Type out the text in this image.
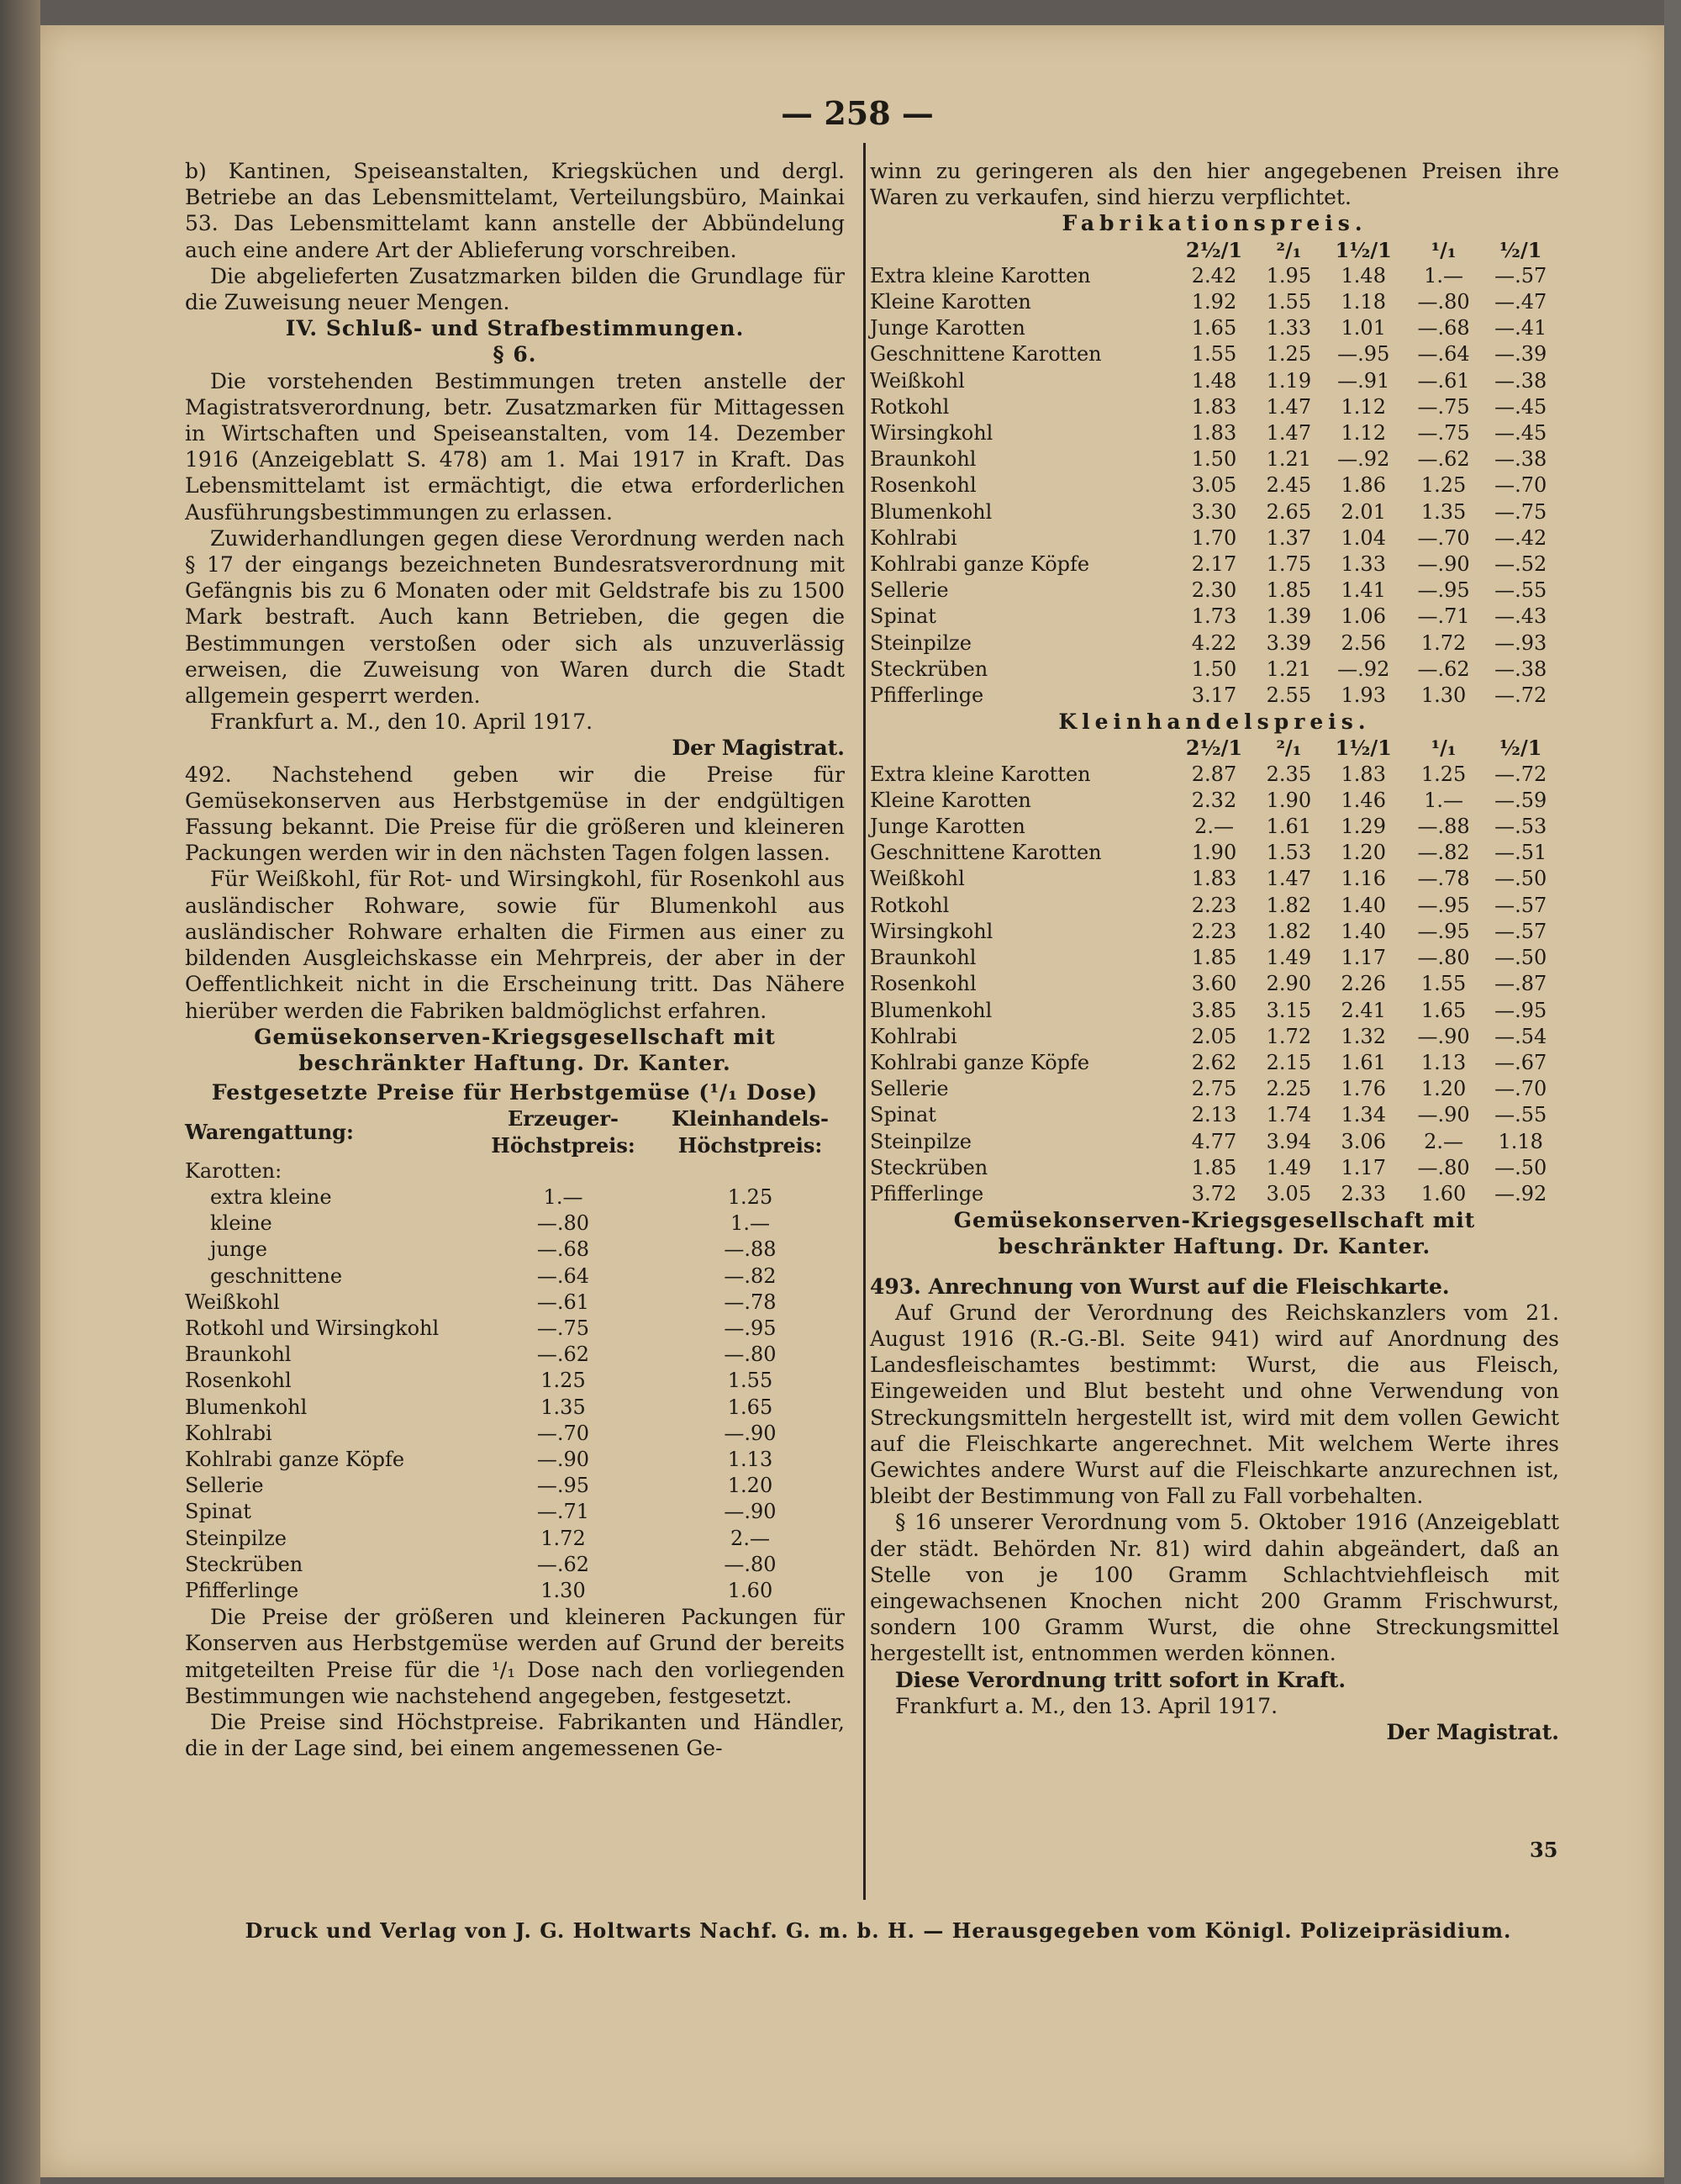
— 258 —

b) Kantinen, Speiseanstalten, Kriegsküchen und dergl. Betriebe an das Lebensmittelamt, Verteilungsbüro, Mainkai 53. Das Lebensmittelamt kann anstelle der Abbündelung auch eine andere Art der Ablieferung vorschreiben.

Die abgelieferten Zusatzmarken bilden die Grundlage für die Zuweisung neuer Mengen.

IV. Schluß- und Strafbestimmungen.

§ 6.

Die vorstehenden Bestimmungen treten anstelle der Magistratsverordnung, betr. Zusatzmarken für Mittagessen in Wirtschaften und Speiseanstalten, vom 14. Dezember 1916 (Anzeigeblatt S. 478) am 1. Mai 1917 in Kraft. Das Lebensmittelamt ist ermächtigt, die etwa erforderlichen Ausführungsbestimmungen zu erlassen.

Zuwiderhandlungen gegen diese Verordnung werden nach § 17 der eingangs bezeichneten Bundesratsverordnung mit Gefängnis bis zu 6 Monaten oder mit Geldstrafe bis zu 1500 Mark bestraft. Auch kann Betrieben, die gegen die Bestimmungen verstoßen oder sich als unzuverlässig erweisen, die Zuweisung von Waren durch die Stadt allgemein gesperrt werden.

Frankfurt a. M., den 10. April 1917.

Der Magistrat.

492. Nachstehend geben wir die Preise für Gemüsekonserven aus Herbstgemüse in der endgültigen Fassung bekannt. Die Preise für die größeren und kleineren Packungen werden wir in den nächsten Tagen folgen lassen.

Für Weißkohl, für Rot- und Wirsingkohl, für Rosenkohl aus ausländischer Rohware, sowie für Blumenkohl aus ausländischer Rohware erhalten die Firmen aus einer zu bildenden Ausgleichskasse ein Mehrpreis, der aber in der Oeffentlichkeit nicht in die Erscheinung tritt. Das Nähere hierüber werden die Fabriken baldmöglichst erfahren.

Gemüsekonserven-Kriegsgesellschaft mit beschränkter Haftung. Dr. Kanter.

Festgesetzte Preise für Herbstgemüse (¹/₁ Dose)

Warengattung:	Erzeuger-Höchstpreis:	Kleinhandels-Höchstpreis:
Karotten:		
extra kleine	1.—	1.25
kleine	—.80	1.—
junge	—.68	—.88
geschnittene	—.64	—.82
Weißkohl	—.61	—.78
Rotkohl und Wirsingkohl	—.75	—.95
Braunkohl	—.62	—.80
Rosenkohl	1.25	1.55
Blumenkohl	1.35	1.65
Kohlrabi	—.70	—.90
Kohlrabi ganze Köpfe	—.90	1.13
Sellerie	—.95	1.20
Spinat	—.71	—.90
Steinpilze	1.72	2.—
Steckrüben	—.62	—.80
Pfifferlinge	1.30	1.60

Die Preise der größeren und kleineren Packungen für Konserven aus Herbstgemüse werden auf Grund der bereits mitgeteilten Preise für die ¹/₁ Dose nach den vorliegenden Bestimmungen wie nachstehend angegeben, festgesetzt.

Die Preise sind Höchstpreise. Fabrikanten und Händler, die in der Lage sind, bei einem angemessenen Ge-

winn zu geringeren als den hier angegebenen Preisen ihre Waren zu verkaufen, sind hierzu verpflichtet.

Fabrikationspreis.

	2½/1	²/₁	1½/1	¹/₁	½/1
Extra kleine Karotten	2.42	1.95	1.48	1.—	—.57
Kleine Karotten	1.92	1.55	1.18	—.80	—.47
Junge Karotten	1.65	1.33	1.01	—.68	—.41
Geschnittene Karotten	1.55	1.25	—.95	—.64	—.39
Weißkohl	1.48	1.19	—.91	—.61	—.38
Rotkohl	1.83	1.47	1.12	—.75	—.45
Wirsingkohl	1.83	1.47	1.12	—.75	—.45
Braunkohl	1.50	1.21	—.92	—.62	—.38
Rosenkohl	3.05	2.45	1.86	1.25	—.70
Blumenkohl	3.30	2.65	2.01	1.35	—.75
Kohlrabi	1.70	1.37	1.04	—.70	—.42
Kohlrabi ganze Köpfe	2.17	1.75	1.33	—.90	—.52
Sellerie	2.30	1.85	1.41	—.95	—.55
Spinat	1.73	1.39	1.06	—.71	—.43
Steinpilze	4.22	3.39	2.56	1.72	—.93
Steckrüben	1.50	1.21	—.92	—.62	—.38
Pfifferlinge	3.17	2.55	1.93	1.30	—.72

Kleinhandelspreis.

	2½/1	²/₁	1½/1	¹/₁	½/1
Extra kleine Karotten	2.87	2.35	1.83	1.25	—.72
Kleine Karotten	2.32	1.90	1.46	1.—	—.59
Junge Karotten	2.—	1.61	1.29	—.88	—.53
Geschnittene Karotten	1.90	1.53	1.20	—.82	—.51
Weißkohl	1.83	1.47	1.16	—.78	—.50
Rotkohl	2.23	1.82	1.40	—.95	—.57
Wirsingkohl	2.23	1.82	1.40	—.95	—.57
Braunkohl	1.85	1.49	1.17	—.80	—.50
Rosenkohl	3.60	2.90	2.26	1.55	—.87
Blumenkohl	3.85	3.15	2.41	1.65	—.95
Kohlrabi	2.05	1.72	1.32	—.90	—.54
Kohlrabi ganze Köpfe	2.62	2.15	1.61	1.13	—.67
Sellerie	2.75	2.25	1.76	1.20	—.70
Spinat	2.13	1.74	1.34	—.90	—.55
Steinpilze	4.77	3.94	3.06	2.—	1.18
Steckrüben	1.85	1.49	1.17	—.80	—.50
Pfifferlinge	3.72	3.05	2.33	1.60	—.92

Gemüsekonserven-Kriegsgesellschaft mit beschränkter Haftung. Dr. Kanter.

493. Anrechnung von Wurst auf die Fleischkarte.

Auf Grund der Verordnung des Reichskanzlers vom 21. August 1916 (R.-G.-Bl. Seite 941) wird auf Anordnung des Landesfleischamtes bestimmt: Wurst, die aus Fleisch, Eingeweiden und Blut besteht und ohne Verwendung von Streckungsmitteln hergestellt ist, wird mit dem vollen Gewicht auf die Fleischkarte angerechnet. Mit welchem Werte ihres Gewichtes andere Wurst auf die Fleischkarte anzurechnen ist, bleibt der Bestimmung von Fall zu Fall vorbehalten.

§ 16 unserer Verordnung vom 5. Oktober 1916 (Anzeigeblatt der städt. Behörden Nr. 81) wird dahin abgeändert, daß an Stelle von je 100 Gramm Schlachtviehfleisch mit eingewachsenen Knochen nicht 200 Gramm Frischwurst, sondern 100 Gramm Wurst, die ohne Streckungsmittel hergestellt ist, entnommen werden können.

Diese Verordnung tritt sofort in Kraft.

Frankfurt a. M., den 13. April 1917.

Der Magistrat.

35
Druck und Verlag von J. G. Holtwarts Nachf. G. m. b. H. — Herausgegeben vom Königl. Polizeipräsidium.
